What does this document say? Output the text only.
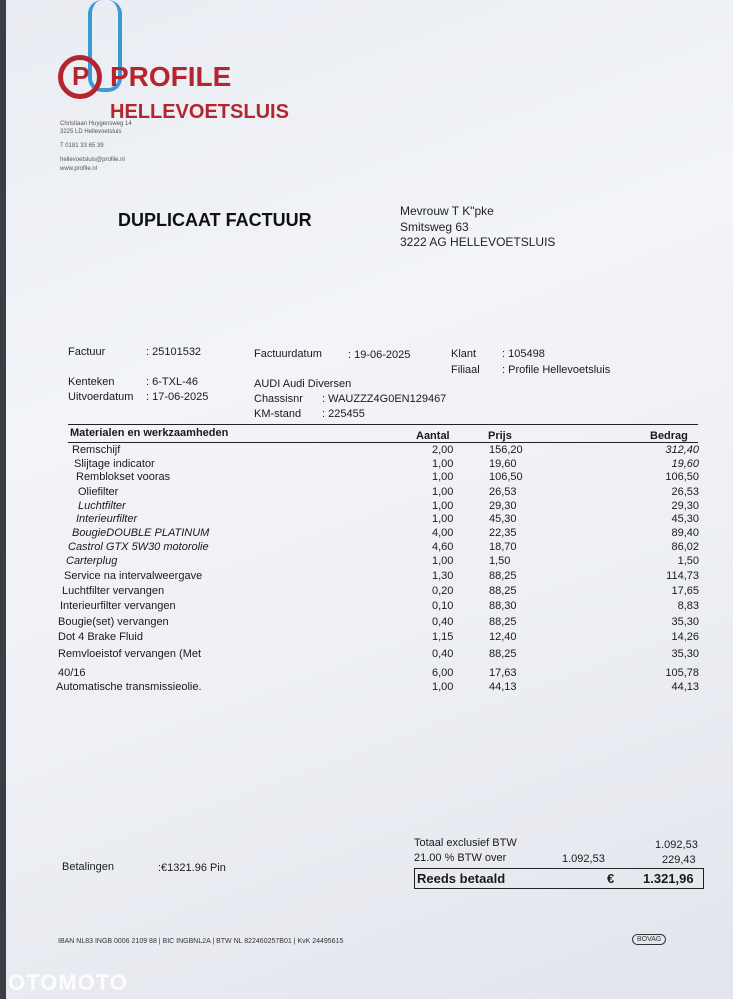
P PROFILE HELLEVOETSLUIS
Christiaan Huygensweg 14
3225 LD Hellevoetsluis
T 0181 33 65 39
hellevoetsluis@profile.nl
www.profile.nl
DUPLICAAT FACTUUR	Mevrouw T K"pke
Smitsweg 63
3222 AG HELLEVOETSLUIS
Factuur	: 25101532	Factuurdatum : 19-06-2025	Klant : 105498
Filiaal : Profile Hellevoetsluis
Kenteken	: 6-TXL-46
Uitvoerdatum : 17-06-2025
AUDI Audi Diversen
Chassisnr : WAUZZZ4G0EN129467
KM-stand : 225455
Materialen en werkzaamheden	Aantal	Prijs	Bedrag
Remschijf	2,00	156,20	312,40
Slijtage indicator	1,00	19,60	19,60
Remblokset vooras	1,00	106,50	106,50
Oliefilter	1,00	26,53	26,53
Luchtfilter	1,00	29,30	29,30
Interieurfilter	1,00	45,30	45,30
BougieDOUBLE PLATINUM	4,00	22,35	89,40
Castrol GTX 5W30 motorolie	4,60	18,70	86,02
Carterplug	1,00	1,50	1,50
Service na intervalweergave	1,30	88,25	114,73
Luchtfilter vervangen	0,20	88,25	17,65
Interieurfilter vervangen	0,10	88,30	8,83
Bougie(set) vervangen	0,40	88,25	35,30
Dot 4 Brake Fluid	1,15	12,40	14,26
Remvloeistof vervangen (Met	0,40	88,25	35,30
40/16	6,00	17,63	105,78
Automatische transmissieolie.	1,00	44,13	44,13
Totaal exclusief BTW	1.092,53
21.00 % BTW over	1.092,53	229,43
Reeds betaald	€ 1.321,96
Betalingen	:€1321.96 Pin
IBAN NL83 INGB 0006 2109 88 | BIC INGBNL2A | BTW NL 822460257B01 | KvK 24495615	BOVAG
OTOMOTO
